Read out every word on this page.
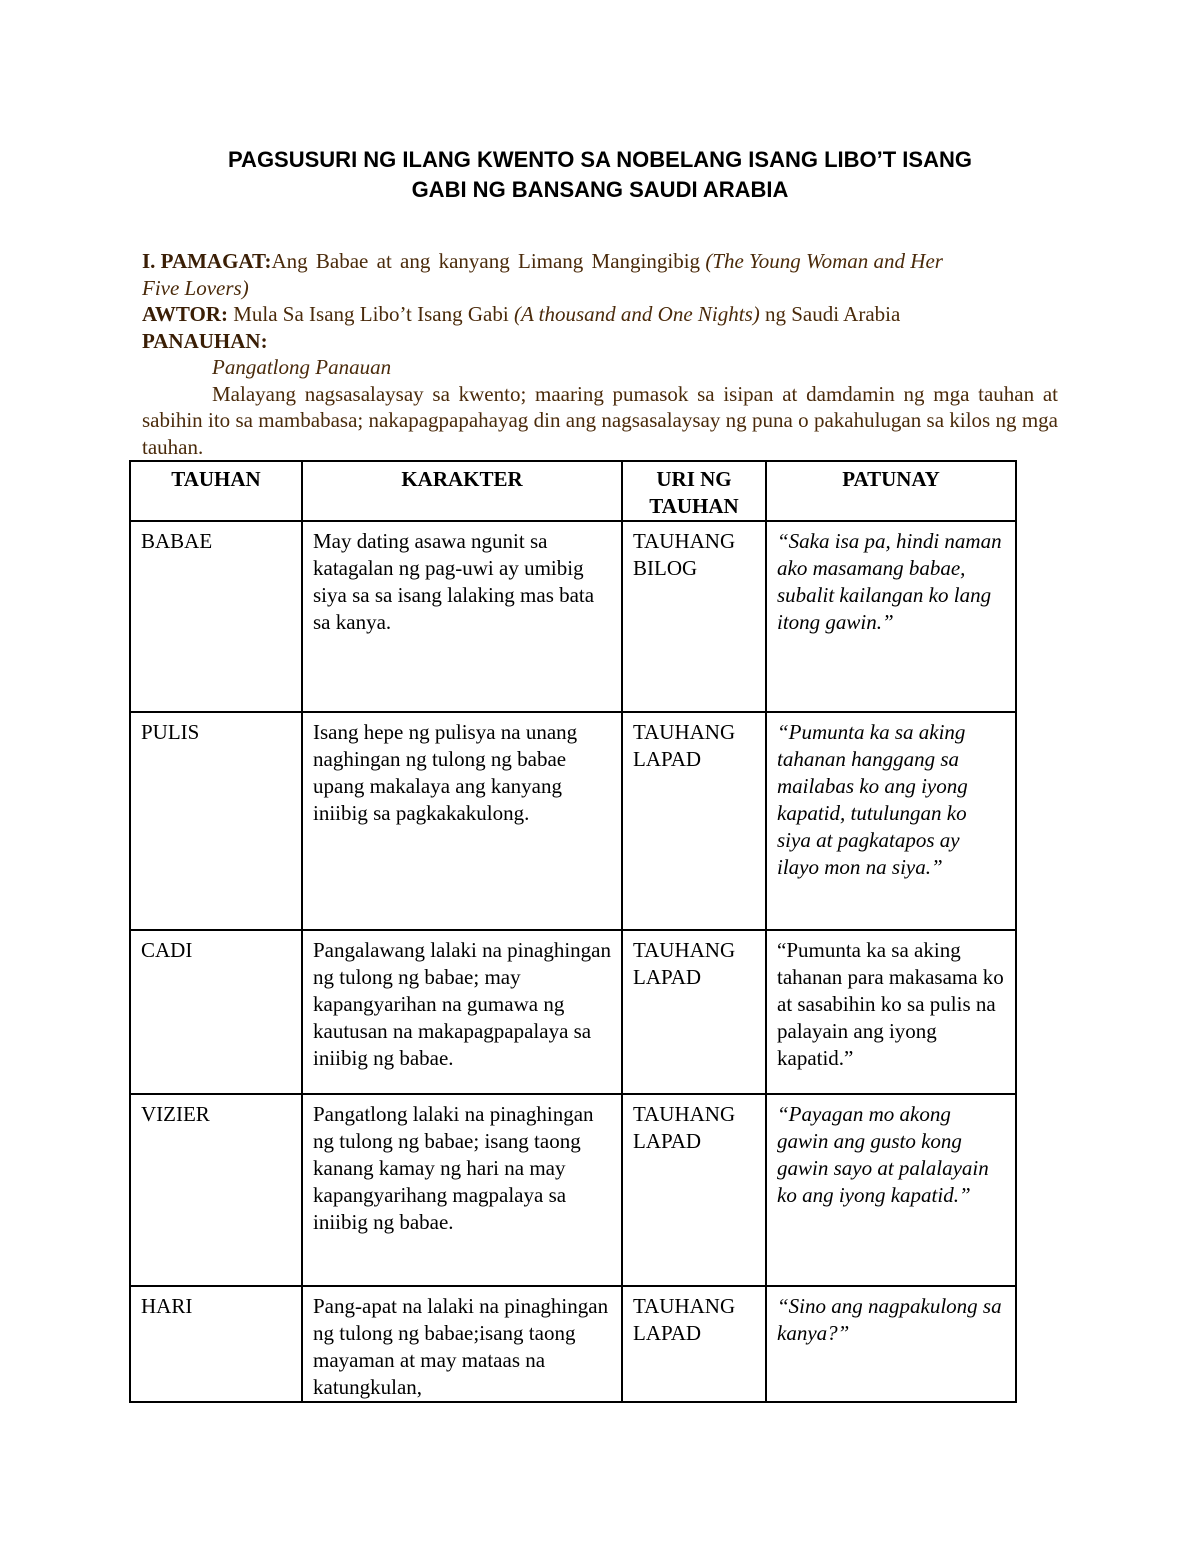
PAGSUSURI NG ILANG KWENTO SA NOBELANG ISANG LIBO’T ISANG
GABI NG BANSANG SAUDI ARABIA
I. PAMAGAT:Ang Babae at ang kanyang Limang Mangingibig (The Young Woman and Her
Five Lovers)
AWTOR: Mula Sa Isang Libo’t Isang Gabi (A thousand and One Nights) ng Saudi Arabia
PANAUHAN:
Pangatlong Panauan
Malayang nagsasalaysay sa kwento; maaring pumasok sa isipan at damdamin ng mga tauhan at sabihin ito sa mambabasa; nakapagpapahayag din ang nagsasalaysay ng puna o pakahulugan sa kilos ng mga tauhan.
TAUHAN	KARAKTER	URI NG TAUHAN	PATUNAY
BABAE	May dating asawa ngunit sa katagalan ng pag-uwi ay umibig siya sa sa isang lalaking mas bata sa kanya.	TAUHANG BILOG	“Saka isa pa, hindi naman ako masamang babae, subalit kailangan ko lang itong gawin.”
PULIS	Isang hepe ng pulisya na unang naghingan ng tulong ng babae upang makalaya ang kanyang iniibig sa pagkakakulong.	TAUHANG LAPAD	“Pumunta ka sa aking tahanan hanggang sa mailabas ko ang iyong kapatid, tutulungan ko siya at pagkatapos ay ilayo mon na siya.”
CADI	Pangalawang lalaki na pinaghingan ng tulong ng babae; may kapangyarihan na gumawa ng kautusan na makapagpapalaya sa iniibig ng babae.	TAUHANG LAPAD	“Pumunta ka sa aking tahanan para makasama ko at sasabihin ko sa pulis na palayain ang iyong kapatid.”
VIZIER	Pangatlong lalaki na pinaghingan ng tulong ng babae; isang taong kanang kamay ng hari na may kapangyarihang magpalaya sa iniibig ng babae.	TAUHANG LAPAD	“Payagan mo akong gawin ang gusto kong gawin sayo at palalayain ko ang iyong kapatid.”
HARI	Pang-apat na lalaki na pinaghingan ng tulong ng babae;isang taong mayaman at may mataas na katungkulan,	TAUHANG LAPAD	“Sino ang nagpakulong sa kanya?”
